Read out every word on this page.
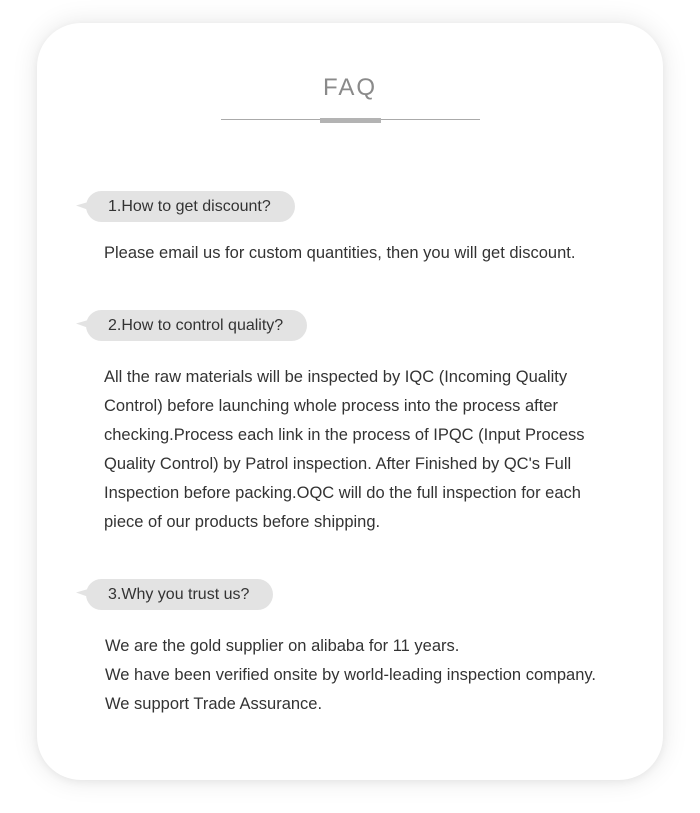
FAQ
1.How to get discount?
Please email us for custom quantities, then you will get discount.
2.How to control quality?
All the raw materials will be inspected by IQC (Incoming Quality
Control) before launching whole process into the process after
checking.Process each link in the process of IPQC (Input Process
Quality Control) by Patrol inspection. After Finished by QC's Full
Inspection before packing.OQC will do the full inspection for each
piece of our products before shipping.
3.Why you trust us?
We are the gold supplier on alibaba for 11 years.
We have been verified onsite by world-leading inspection company.
We support Trade Assurance.
